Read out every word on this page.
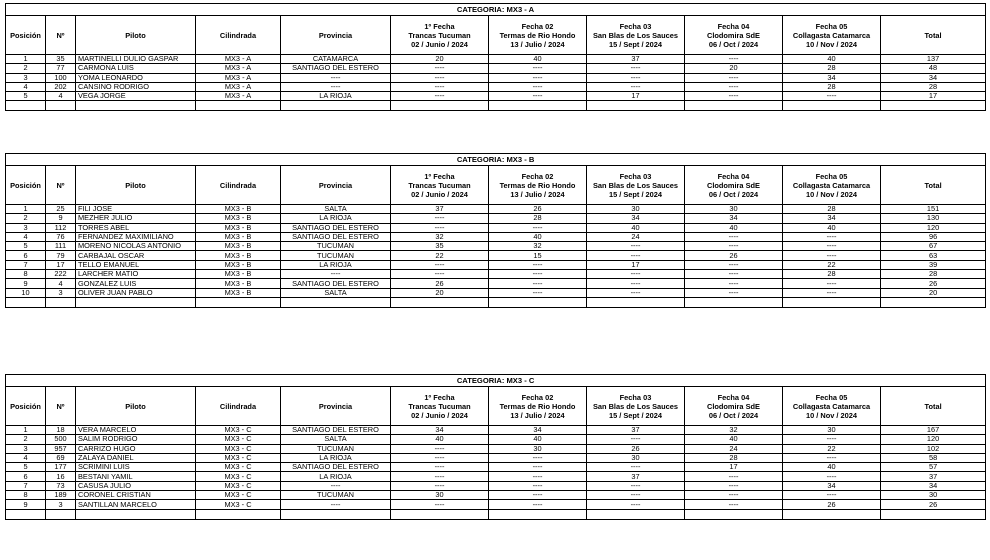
CATEGORIA: MX3 - A										
Posición	Nº	Piloto	Cilindrada	Provincia	1º Fecha
Trancas Tucuman
02 / Junio / 2024	Fecha 02
Termas de Rio Hondo
13 / Julio / 2024	Fecha 03
San Blas de Los Sauces
15 / Sept / 2024	Fecha 04
Clodomira SdE
06 / Oct / 2024	Fecha 05
Collagasta Catamarca
10 / Nov / 2024	Total
1	35	MARTINELLI DULIO GASPAR	MX3 - A	CATAMARCA	20	40	37	----	40	137
2	77	CARMONA LUIS	MX3 - A	SANTIAGO DEL ESTERO	----	----	----	20	28	48
3	100	YOMA LEONARDO	MX3 - A	----	----	----	----	----	34	34
4	202	CANSINO RODRIGO	MX3 - A	----	----	----	----	----	28	28
5	4	VEGA JORGE	MX3 - A	LA RIOJA	----	----	17	----	----	17

CATEGORIA: MX3 - B										
Posición	Nº	Piloto	Cilindrada	Provincia	1º Fecha
Trancas Tucuman
02 / Junio / 2024	Fecha 02
Termas de Rio Hondo
13 / Julio / 2024	Fecha 03
San Blas de Los Sauces
15 / Sept / 2024	Fecha 04
Clodomira SdE
06 / Oct / 2024	Fecha 05
Collagasta Catamarca
10 / Nov / 2024	Total
1	25	FILI JOSE	MX3 - B	SALTA	37	26	30	30	28	151
2	9	MEZHER JULIO	MX3 - B	LA RIOJA	----	28	34	34	34	130
3	112	TORRES ABEL	MX3 - B	SANTIAGO DEL ESTERO	----	----	40	40	40	120
4	76	FERNANDEZ MAXIMILIANO	MX3 - B	SANTIAGO DEL ESTERO	32	40	24	----	----	96
5	111	MORENO NICOLAS ANTONIO	MX3 - B	TUCUMAN	35	32	----	----	----	67
6	79	CARBAJAL OSCAR	MX3 - B	TUCUMAN	22	15	----	26	----	63
7	17	TELLO EMANUEL	MX3 - B	LA RIOJA	----	----	17	----	22	39
8	222	LARCHER MATIO	MX3 - B	----	----	----	----	----	28	28
9	4	GONZALEZ LUIS	MX3 - B	SANTIAGO DEL ESTERO	26	----	----	----	----	26
10	3	OLIVER JUAN PABLO	MX3 - B	SALTA	20	----	----	----	----	20

CATEGORIA: MX3 - C										
Posición	Nº	Piloto	Cilindrada	Provincia	1º Fecha
Trancas Tucuman
02 / Junio / 2024	Fecha 02
Termas de Rio Hondo
13 / Julio / 2024	Fecha 03
San Blas de Los Sauces
15 / Sept / 2024	Fecha 04
Clodomira SdE
06 / Oct / 2024	Fecha 05
Collagasta Catamarca
10 / Nov / 2024	Total
1	18	VERA MARCELO	MX3 - C	SANTIAGO DEL ESTERO	34	34	37	32	30	167
2	500	SALIM RODRIGO	MX3 - C	SALTA	40	40	----	40	----	120
3	957	CARRIZO HUGO	MX3 - C	TUCUMAN	----	30	26	24	22	102
4	69	ZALAYA DANIEL	MX3 - C	LA RIOJA	----	----	30	28	----	58
5	177	SCRIMINI LUIS	MX3 - C	SANTIAGO DEL ESTERO	----	----	----	17	40	57
6	16	BESTANI YAMIL	MX3 - C	LA RIOJA	----	----	37	----	----	37
7	73	CASUSA JULIO	MX3 - C	----	----	----	----	----	34	34
8	189	CORONEL CRISTIAN	MX3 - C	TUCUMAN	30	----	----	----	----	30
9	3	SANTILLAN MARCELO	MX3 - C	----	----	----	----	----	26	26
